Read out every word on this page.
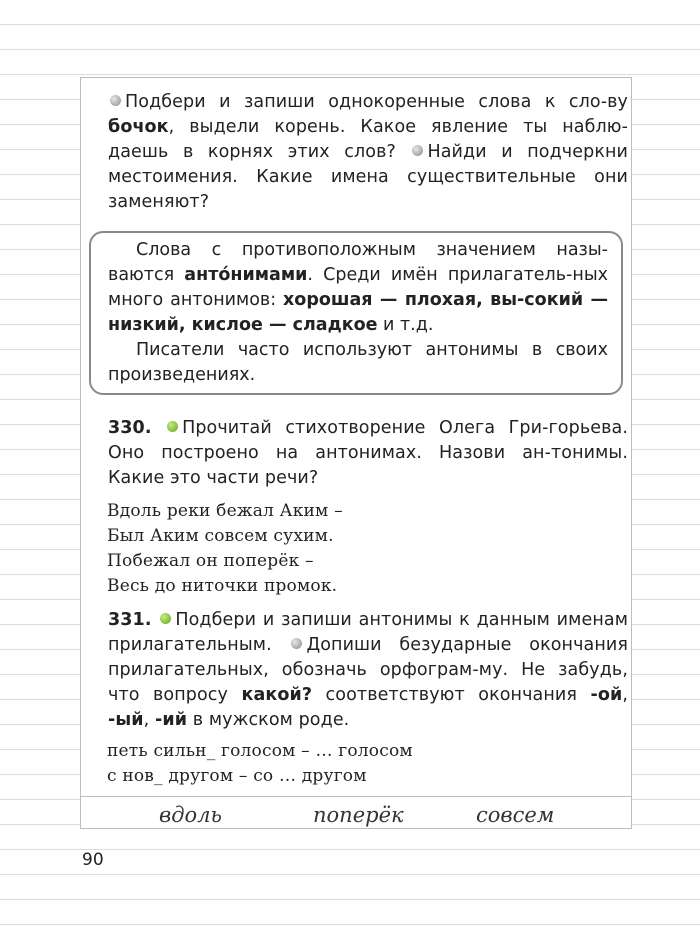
Подбери и запиши однокоренные слова к сло-ву бочок, выдели корень. Какое явление ты наблю-даешь в корнях этих слов? Найди и подчеркни местоимения. Какие имена существительные они заменяют?
Слова с противоположным значением назы-ваются антóнимами. Среди имён прилагатель-ных много антонимов: хорошая — плохая, вы-сокий — низкий, кислое — сладкое и т.д.
Писатели часто используют антонимы в своих произведениях.
330. Прочитай стихотворение Олега Гри-горьева. Оно построено на антонимах. Назови ан-тонимы. Какие это части речи?
Вдоль реки бежал Аким –
Был Аким совсем сухим.
Побежал он поперёк –
Весь до ниточки промок.
331. Подбери и запиши антонимы к данным именам прилагательным. Допиши безударные окончания прилагательных, обозначь орфограм-му. Не забудь, что вопросу какой? соответствуют окончания -ой, -ый, -ий в мужском роде.
петь сильн_ голосом – … голосом
с нов_ другом – со … другом
вдоль	поперёк	совсем
90
